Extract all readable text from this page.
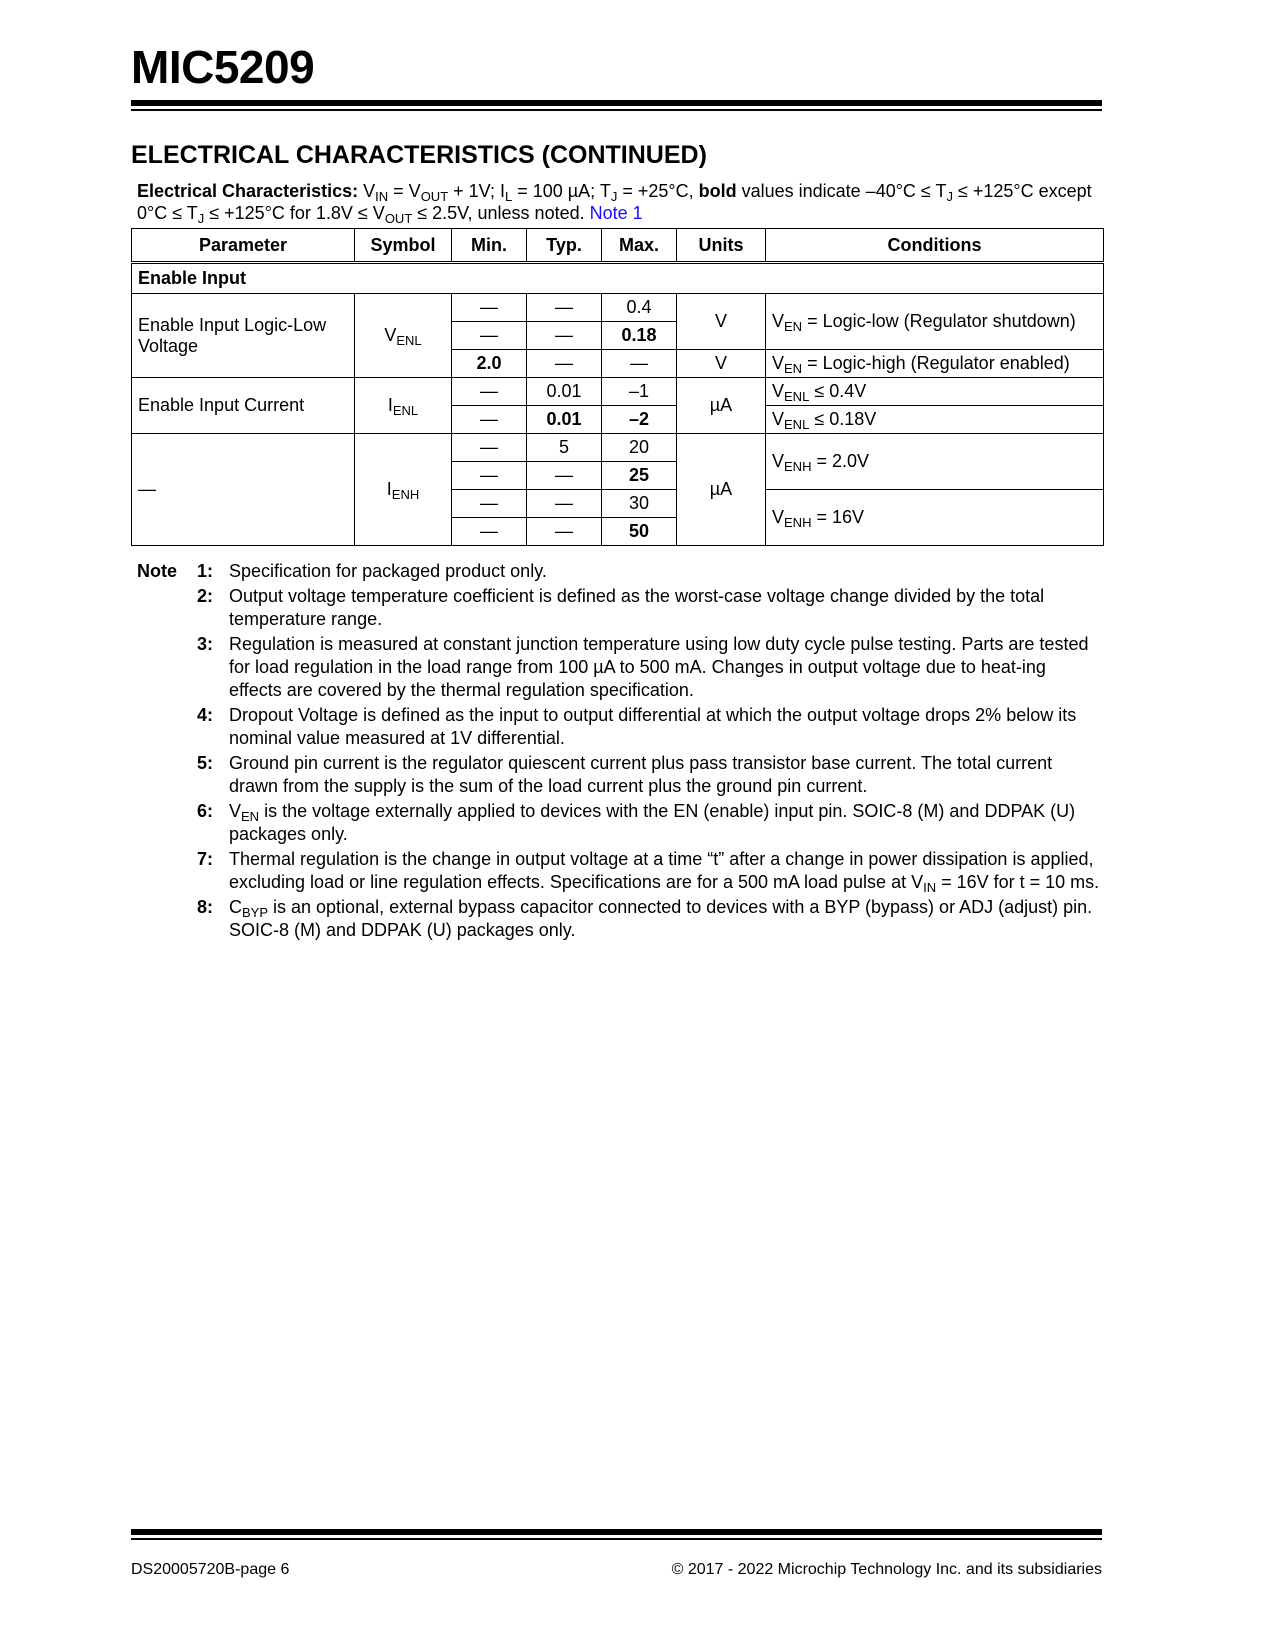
MIC5209
ELECTRICAL CHARACTERISTICS (CONTINUED)
Electrical Characteristics: $V_{IN} = V_{OUT} + 1V$; $I_L = 100$ µA; $T_J = +25^\circ C$, bold values indicate $-40^\circ C \le T_J \le +125^\circ C$ except $0^\circ C \le T_J \le +125^\circ C$ for $1.8V \le V_{OUT} \le 2.5V$, unless noted. Note 1
Parameter	Symbol	Min.	Typ.	Max.	Units	Conditions
Enable Input						
Enable Input Logic-Low Voltage	$V_{ENL}$	—	—	0.4	V	$V_{EN}$ = Logic-low (Regulator shutdown)
		—	—	0.18		
		2.0	—	—	V	$V_{EN}$ = Logic-high (Regulator enabled)
Enable Input Current	$I_{ENL}$	—	0.01	–1	µA	$V_{ENL} \le 0.4V$
		—	0.01	–2		$V_{ENL} \le 0.18V$
—	$I_{ENH}$	—	5	20	µA	$V_{ENH} = 2.0V$
		—	—	25		
		—	—	30		$V_{ENH} = 16V$
		—	—	50		
Note 1: Specification for packaged product only.
2: Output voltage temperature coefficient is defined as the worst-case voltage change divided by the total temperature range.
3: Regulation is measured at constant junction temperature using low duty cycle pulse testing. Parts are tested for load regulation in the load range from 100 µA to 500 mA. Changes in output voltage due to heat-ing effects are covered by the thermal regulation specification.
4: Dropout Voltage is defined as the input to output differential at which the output voltage drops 2% below its nominal value measured at 1V differential.
5: Ground pin current is the regulator quiescent current plus pass transistor base current. The total current drawn from the supply is the sum of the load current plus the ground pin current.
6: $V_{EN}$ is the voltage externally applied to devices with the EN (enable) input pin. SOIC-8 (M) and DDPAK (U) packages only.
7: Thermal regulation is the change in output voltage at a time “t” after a change in power dissipation is applied, excluding load or line regulation effects. Specifications are for a 500 mA load pulse at $V_{IN} = 16V$ for t = 10 ms.
8: $C_{BYP}$ is an optional, external bypass capacitor connected to devices with a BYP (bypass) or ADJ (adjust) pin. SOIC-8 (M) and DDPAK (U) packages only.
DS20005720B-page 6	© 2017 - 2022 Microchip Technology Inc. and its subsidiaries
